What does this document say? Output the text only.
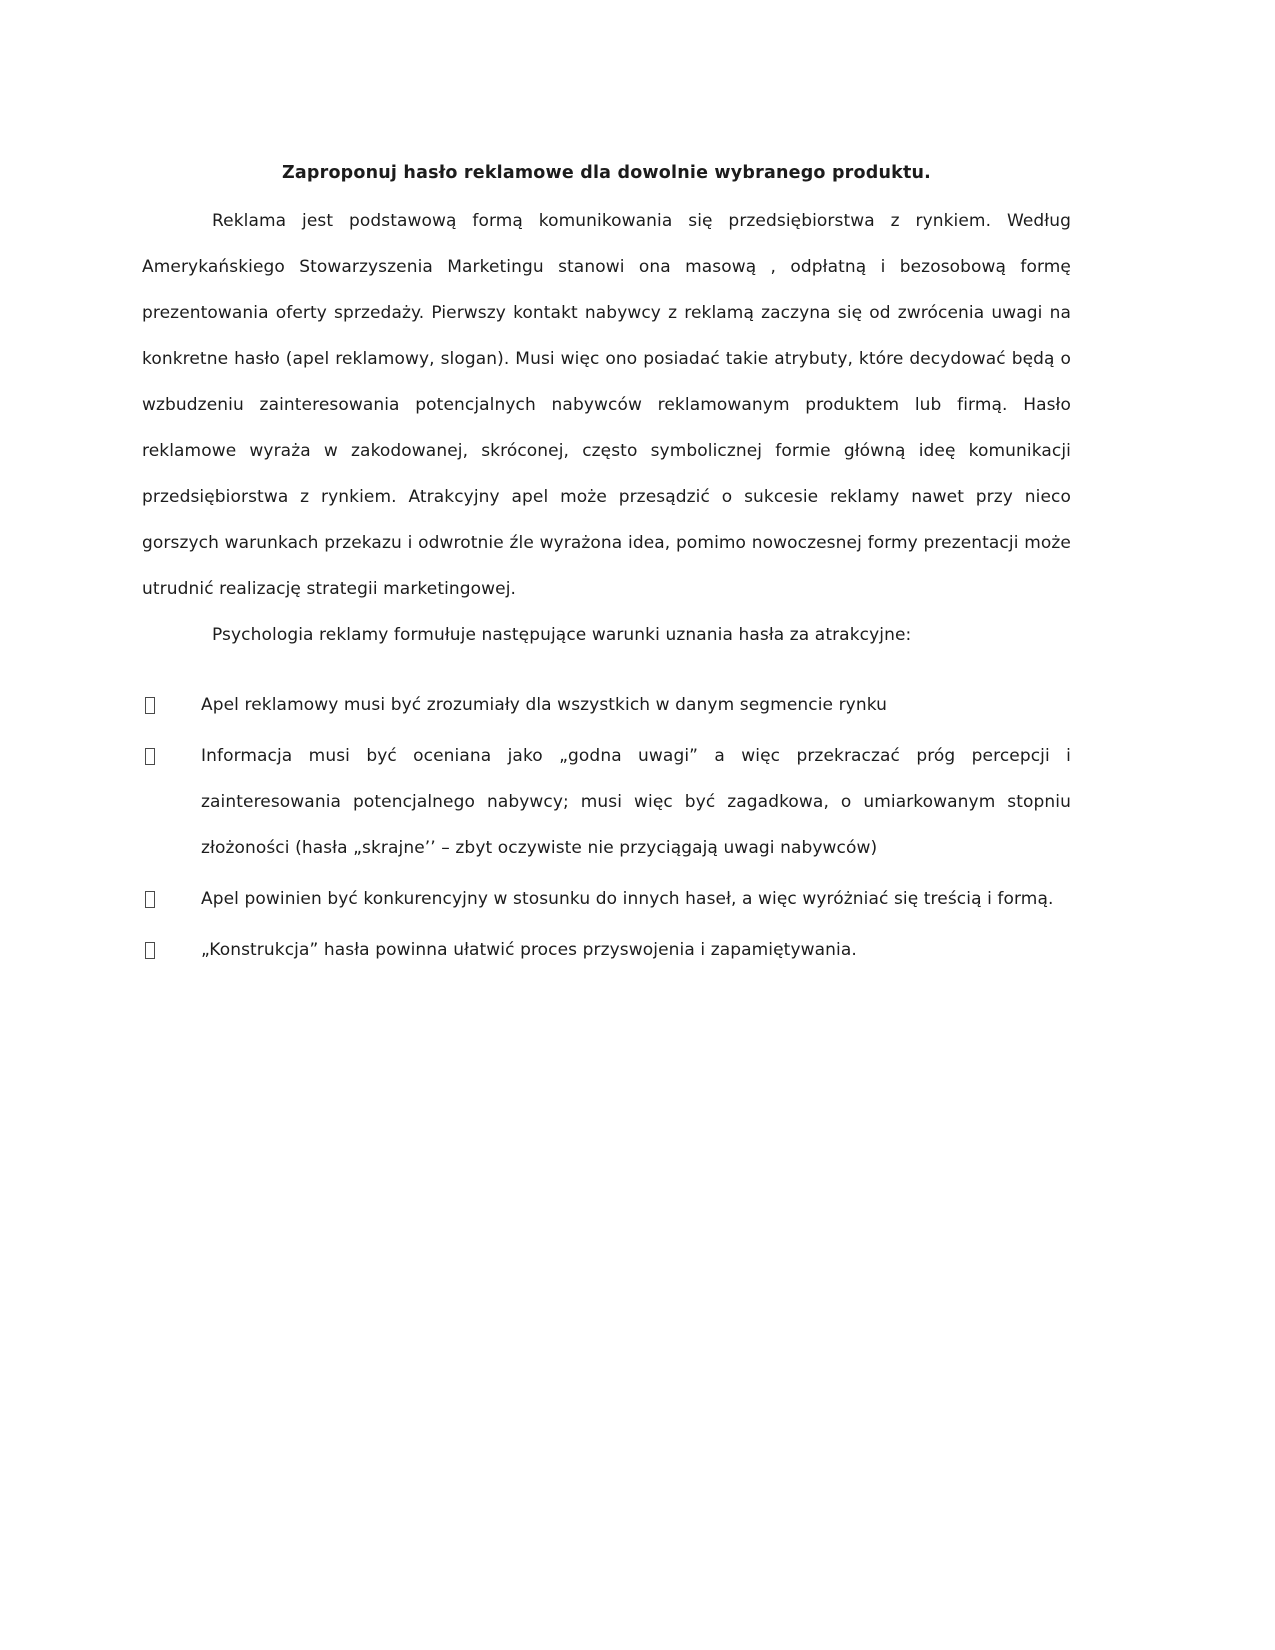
Zaproponuj hasło reklamowe dla dowolnie wybranego produktu.

Reklama jest podstawową formą komunikowania się przedsiębiorstwa z rynkiem. Według Amerykańskiego Stowarzyszenia Marketingu stanowi ona masową , odpłatną i bezosobową formę prezentowania oferty sprzedaży. Pierwszy kontakt nabywcy z reklamą zaczyna się od zwrócenia uwagi na konkretne hasło (apel reklamowy, slogan). Musi więc ono posiadać takie atrybuty, które decydować będą o wzbudzeniu zainteresowania potencjalnych nabywców reklamowanym produktem lub firmą. Hasło reklamowe wyraża w zakodowanej, skróconej, często symbolicznej formie główną ideę komunikacji przedsiębiorstwa z rynkiem. Atrakcyjny apel może przesądzić o sukcesie reklamy nawet przy nieco gorszych warunkach przekazu i odwrotnie źle wyrażona idea, pomimo nowoczesnej formy prezentacji może utrudnić realizację strategii marketingowej.

Psychologia reklamy formułuje następujące warunki uznania hasła za atrakcyjne:

Apel reklamowy musi być zrozumiały dla wszystkich w danym segmencie rynku
Informacja musi być oceniana jako „godna uwagi” a więc przekraczać próg percepcji i zainteresowania potencjalnego nabywcy; musi więc być zagadkowa, o umiarkowanym stopniu złożoności (hasła „skrajne’’ – zbyt oczywiste nie przyciągają uwagi nabywców)
Apel powinien być konkurencyjny w stosunku do innych haseł, a więc wyróżniać się treścią i formą.
„Konstrukcja” hasła powinna ułatwić proces przyswojenia i zapamiętywania.
